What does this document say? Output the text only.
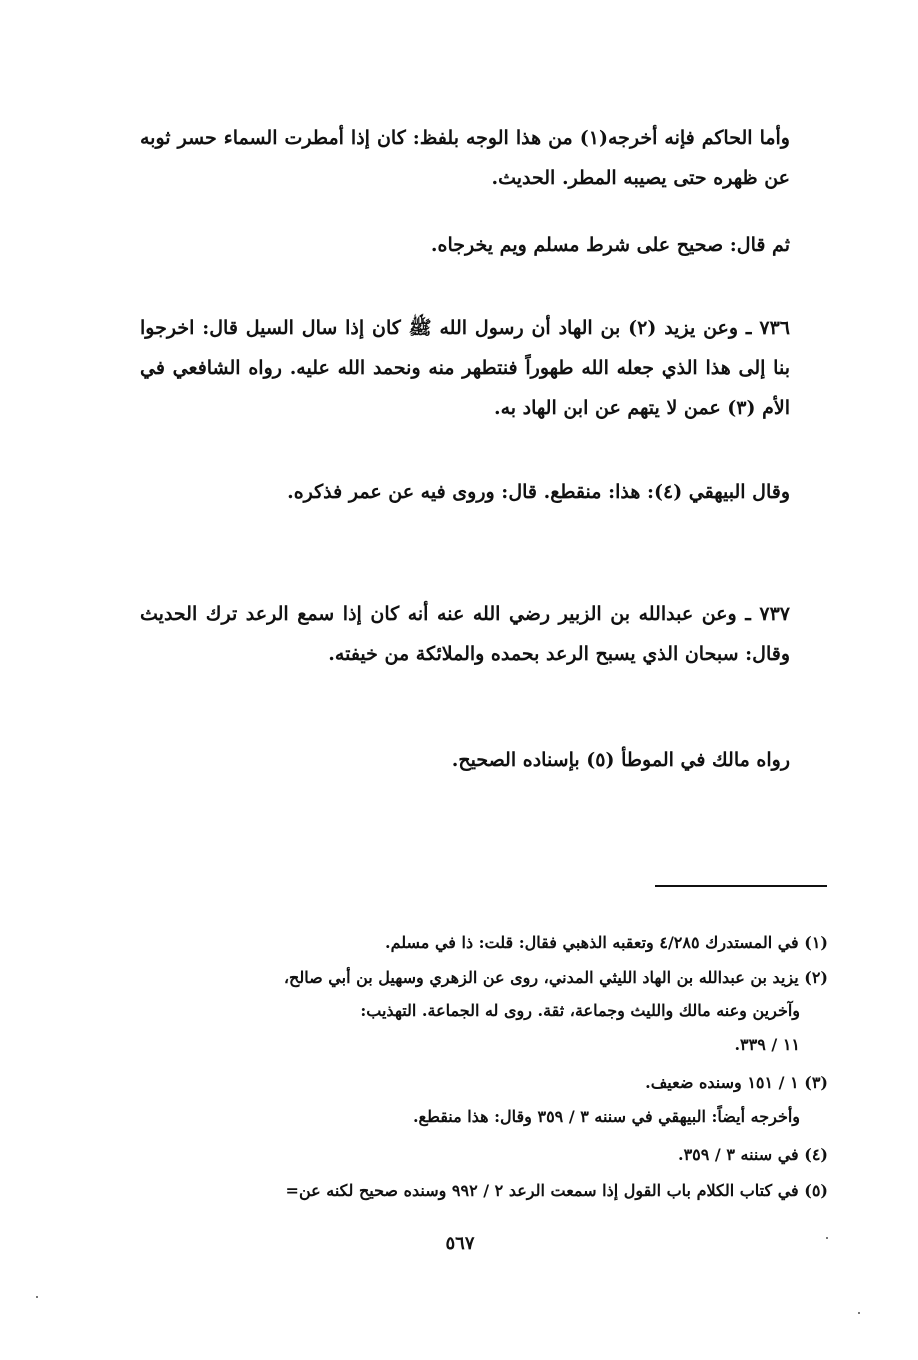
وأما الحاكم فإنه أخرجه(١) من هذا الوجه بلفظ: كان إذا أمطرت السماء حسر ثوبه عن ظهره حتى يصيبه المطر. الحديث.

ثم قال: صحيح على شرط مسلم ويم يخرجاه.

٧٣٦ ـ وعن يزيد (٢) بن الهاد أن رسول الله ﷺ كان إذا سال السيل قال: اخرجوا بنا إلى هذا الذي جعله الله طهوراً فنتطهر منه ونحمد الله عليه. رواه الشافعي في الأم (٣) عمن لا يتهم عن ابن الهاد به.

وقال البيهقي (٤): هذا: منقطع. قال: وروى فيه عن عمر فذكره.

٧٣٧ ـ وعن عبدالله بن الزبير رضي الله عنه أنه كان إذا سمع الرعد ترك الحديث وقال: سبحان الذي يسبح الرعد بحمده والملائكة من خيفته.

رواه مالك في الموطأ (٥) بإسناده الصحيح.

(١) في المستدرك ٤/٢٨٥ وتعقبه الذهبي فقال: قلت: ذا في مسلم.
(٢) يزيد بن عبدالله بن الهاد الليثي المدني، روى عن الزهري وسهيل بن أبي صالح،
وآخرين وعنه مالك والليث وجماعة، ثقة. روى له الجماعة. التهذيب:
١١ / ٣٣٩.
(٣) ١ / ١٥١ وسنده ضعيف.
وأخرجه أيضاً: البيهقي في سننه ٣ / ٣٥٩ وقال: هذا منقطع.
(٤) في سننه ٣ / ٣٥٩.
(٥) في كتاب الكلام باب القول إذا سمعت الرعد ٢ / ٩٩٢ وسنده صحيح لكنه عن=
٥٦٧
